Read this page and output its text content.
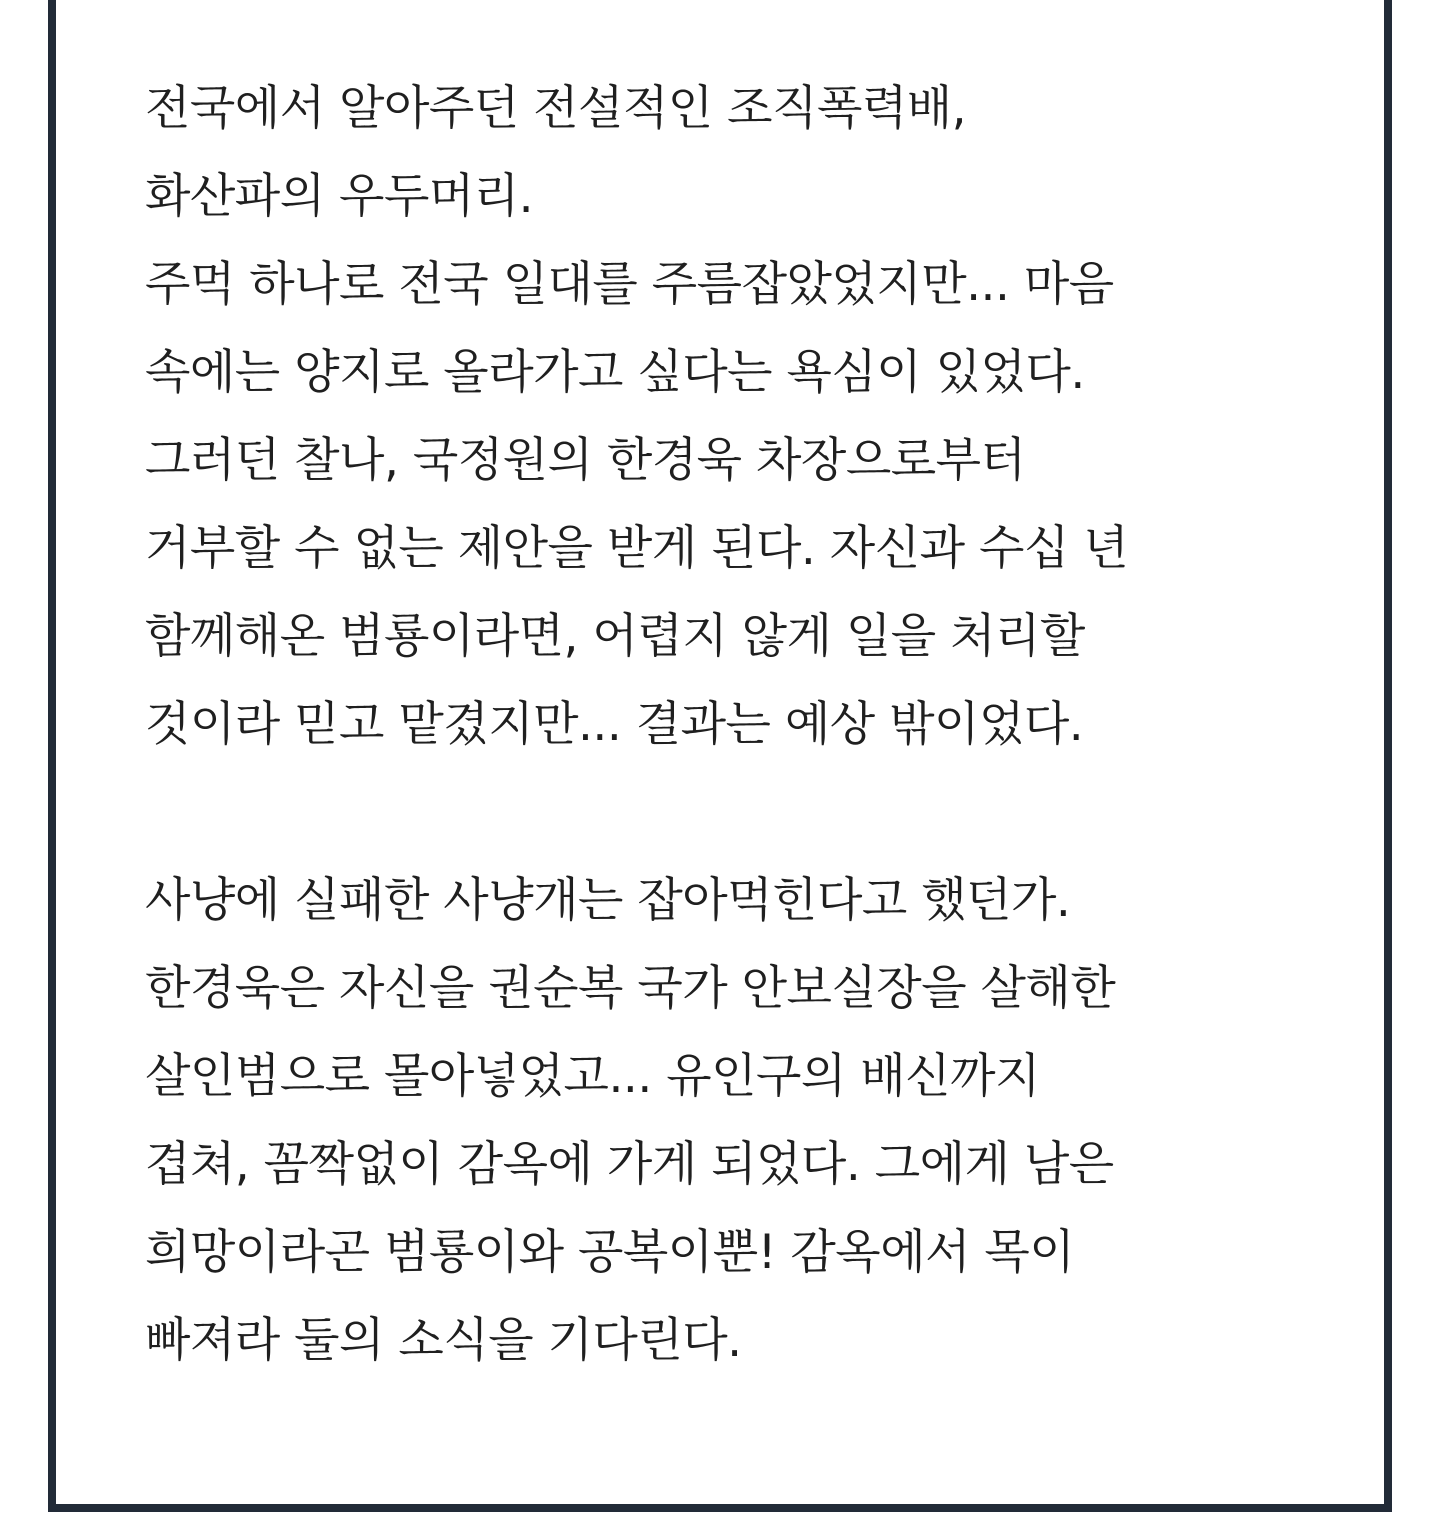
전국에서 알아주던 전설적인 조직폭력배,
화산파의 우두머리.
주먹 하나로 전국 일대를 주름잡았었지만... 마음
속에는 양지로 올라가고 싶다는 욕심이 있었다.
그러던 찰나, 국정원의 한경욱 차장으로부터
거부할 수 없는 제안을 받게 된다. 자신과 수십 년
함께해온 범룡이라면, 어렵지 않게 일을 처리할
것이라 믿고 맡겼지만... 결과는 예상 밖이었다.
사냥에 실패한 사냥개는 잡아먹힌다고 했던가.
한경욱은 자신을 권순복 국가 안보실장을 살해한
살인범으로 몰아넣었고... 유인구의 배신까지
겹쳐, 꼼짝없이 감옥에 가게 되었다. 그에게 남은
희망이라곤 범룡이와 공복이뿐! 감옥에서 목이
빠져라 둘의 소식을 기다린다.
